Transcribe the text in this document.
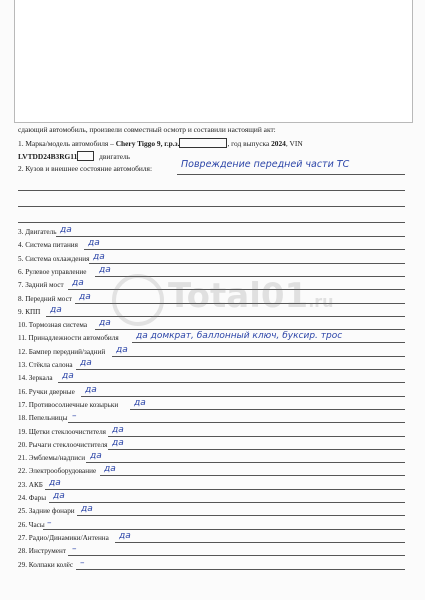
сдающий автомобиль, произвели совместный осмотр и составили настоящий акт:
1. Марка/модель автомобиля – Chery Tiggo 9, г.р.з.	, год выпуска 2024, VIN
LVTDD24B3RG11	двигатель
2. Кузов и внешнее состояние автомобиля:	Повреждение передней части ТС
3. Двигатель да
4. Система питания да
5. Система охлаждения да
6. Рулевое управление да
7. Задний мост да
8. Передний мост да
9. КПП да
10. Тормозная система да
11. Принадлежности автомобиля да домкрат, баллонный ключ, буксир. трос
12. Бампер передний/задний да
13. Стёкла салона да
14. Зеркала да
16. Ручки дверные да
17. Противосолнечные козырьки да
18. Пепельницы –
19. Щетки стеклоочистителя да
20. Рычаги стеклоочистителя да
21. Эмблемы/надписи да
22. Электрооборудование да
23. АКБ да
24. Фары да
25. Задние фонари да
26. Часы –
27. Радио/Динамики/Антенна да
28. Инструмент –
29. Колпаки колёс –
Total01.ru
